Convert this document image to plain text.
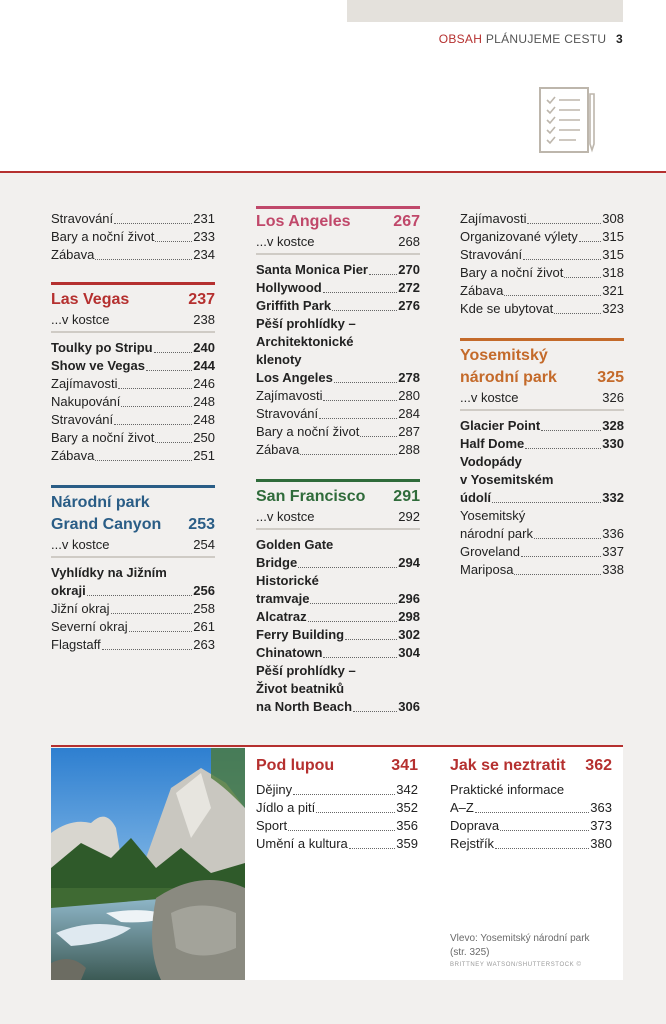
OBSAH PLÁNUJEME CESTU 3
Stravování	231
Bary a noční život	233
Zábava	234
Las Vegas	237
...v kostce	238
Toulky po Stripu	240
Show ve Vegas	244
Zajímavosti	246
Nakupování	248
Stravování	248
Bary a noční život	250
Zábava	251
Národní park Grand Canyon	253
...v kostce	254
Vyhlídky na Jižním
okraji	256
Jižní okraj	258
Severní okraj	261
Flagstaff	263
Los Angeles	267
...v kostce	268
Santa Monica Pier 270
Hollywood	272
Griffith Park	276
Pěší prohlídky –
Architektonické
klenoty
Los Angeles	278
Zajímavosti	280
Stravování	284
Bary a noční život	287
Zábava	288
San Francisco 291
...v kostce	292
Golden Gate
Bridge	294
Historické
tramvaje	296
Alcatraz	298
Ferry Building	302
Chinatown	304
Pěší prohlídky –
Život beatniků
na North Beach	306
Zajímavosti	308
Organizované výlety 315
Stravování	315
Bary a noční život	318
Zábava	321
Kde se ubytovat	323
Yosemitský národní park	325
...v kostce	326
Glacier Point	328
Half Dome	330
Vodopády
v Yosemitském
údolí	332
Yosemitský
národní park	336
Groveland	337
Mariposa	338
Pod lupou	341
Dějiny	342
Jídlo a pití	352
Sport	356
Umění a kultura	359
Jak se neztratit 362
Praktické informace
A–Z	363
Doprava	373
Rejstřík	380
Vlevo: Yosemitský národní park
(str. 325)
BRITTNEY WATSON/SHUTTERSTOCK ©
